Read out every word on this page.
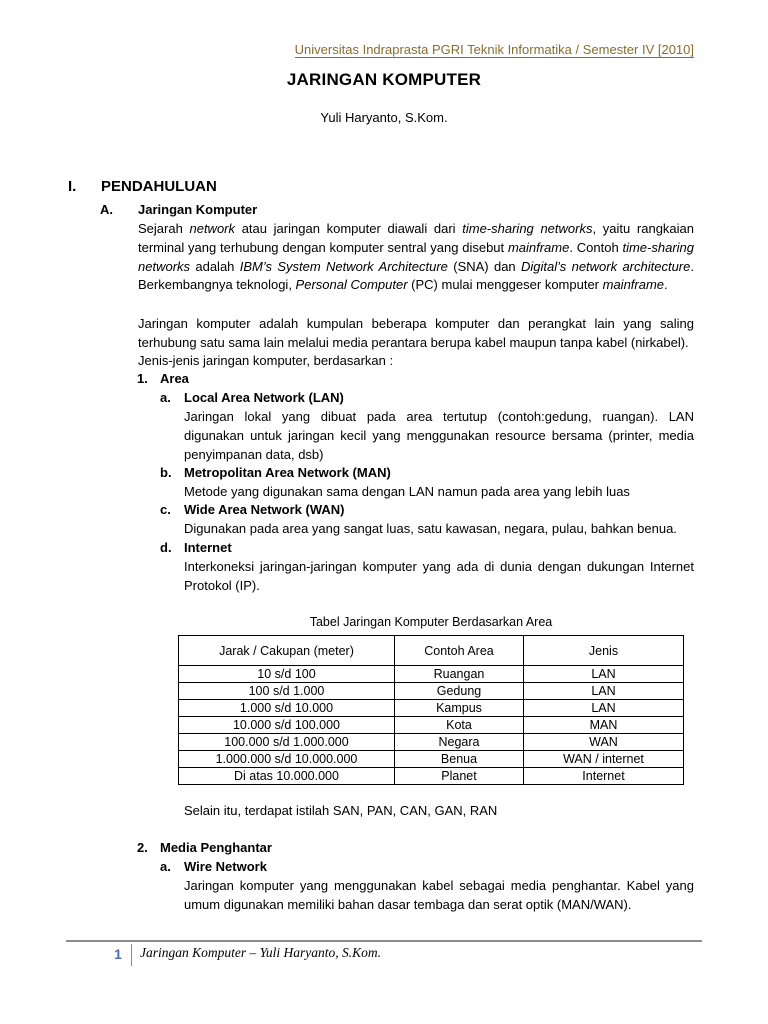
Universitas Indraprasta PGRI Teknik Informatika / Semester IV [2010]
JARINGAN KOMPUTER
Yuli Haryanto, S.Kom.
I. PENDAHULUAN
A. Jaringan Komputer

Sejarah network atau jaringan komputer diawali dari time-sharing networks, yaitu rangkaian terminal yang terhubung dengan komputer sentral yang disebut mainframe. Contoh time-sharing networks adalah IBM’s System Network Architecture (SNA) dan Digital’s network architecture. Berkembangnya teknologi, Personal Computer (PC) mulai menggeser komputer mainframe.

Jaringan komputer adalah kumpulan beberapa komputer dan perangkat lain yang saling terhubung satu sama lain melalui media perantara berupa kabel maupun tanpa kabel (nirkabel).

Jenis-jenis jaringan komputer, berdasarkan :

1. Area
a. Local Area Network (LAN)

Jaringan lokal yang dibuat pada area tertutup (contoh:gedung, ruangan). LAN digunakan untuk jaringan kecil yang menggunakan resource bersama (printer, media penyimpanan data, dsb)

b. Metropolitan Area Network (MAN)

Metode yang digunakan sama dengan LAN namun pada area yang lebih luas

c. Wide Area Network (WAN)

Digunakan pada area yang sangat luas, satu kawasan, negara, pulau, bahkan benua.

d. Internet

Interkoneksi jaringan-jaringan komputer yang ada di dunia dengan dukungan Internet Protokol (IP).

Tabel Jaringan Komputer Berdasarkan Area
Jarak / Cakupan (meter)	Contoh Area	Jenis
10 s/d 100	Ruangan	LAN
100 s/d 1.000	Gedung	LAN
1.000 s/d 10.000	Kampus	LAN
10.000 s/d 100.000	Kota	MAN
100.000 s/d 1.000.000	Negara	WAN
1.000.000 s/d 10.000.000	Benua	WAN / internet
Di atas 10.000.000	Planet	Internet
Selain itu, terdapat istilah SAN, PAN, CAN, GAN, RAN
2. Media Penghantar
a. Wire Network

Jaringan komputer yang menggunakan kabel sebagai media penghantar. Kabel yang umum digunakan memiliki bahan dasar tembaga dan serat optik (MAN/WAN).

1	Jaringan Komputer – Yuli Haryanto, S.Kom.
